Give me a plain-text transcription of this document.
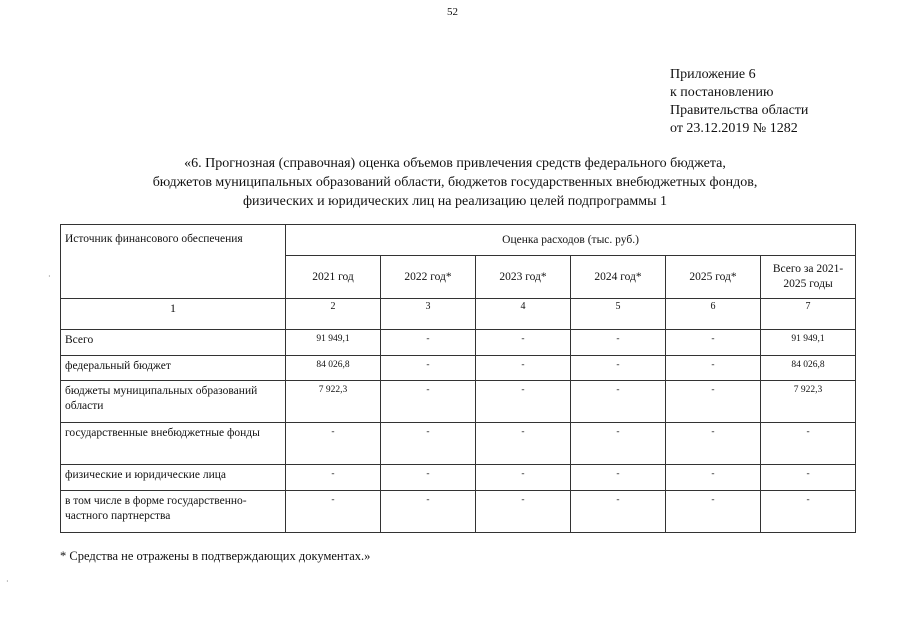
52
Приложение 6
к постановлению
Правительства области
от 23.12.2019 № 1282
«6. Прогнозная (справочная) оценка объемов привлечения средств федерального бюджета,
бюджетов муниципальных образований области, бюджетов государственных внебюджетных фондов,
физических и юридических лиц на реализацию целей подпрограммы 1
Источник финансового обеспечения	Оценка расходов (тыс. руб.)					
	2021 год	2022 год*	2023 год*	2024 год*	2025 год*	Всего за 2021-2025 годы
1	2	3	4	5	6	7
Всего	91 949,1	-	-	-	-	91 949,1
федеральный бюджет	84 026,8	-	-	-	-	84 026,8
бюджеты муниципальных образований области	7 922,3	-	-	-	-	7 922,3
государственные внебюджетные фонды	-	-	-	-	-	-
физические и юридические лица	-	-	-	-	-	-
в том числе в форме государственно-частного партнерства	-	-	-	-	-	-
* Средства не отражены в подтверждающих документах.»
·
·
